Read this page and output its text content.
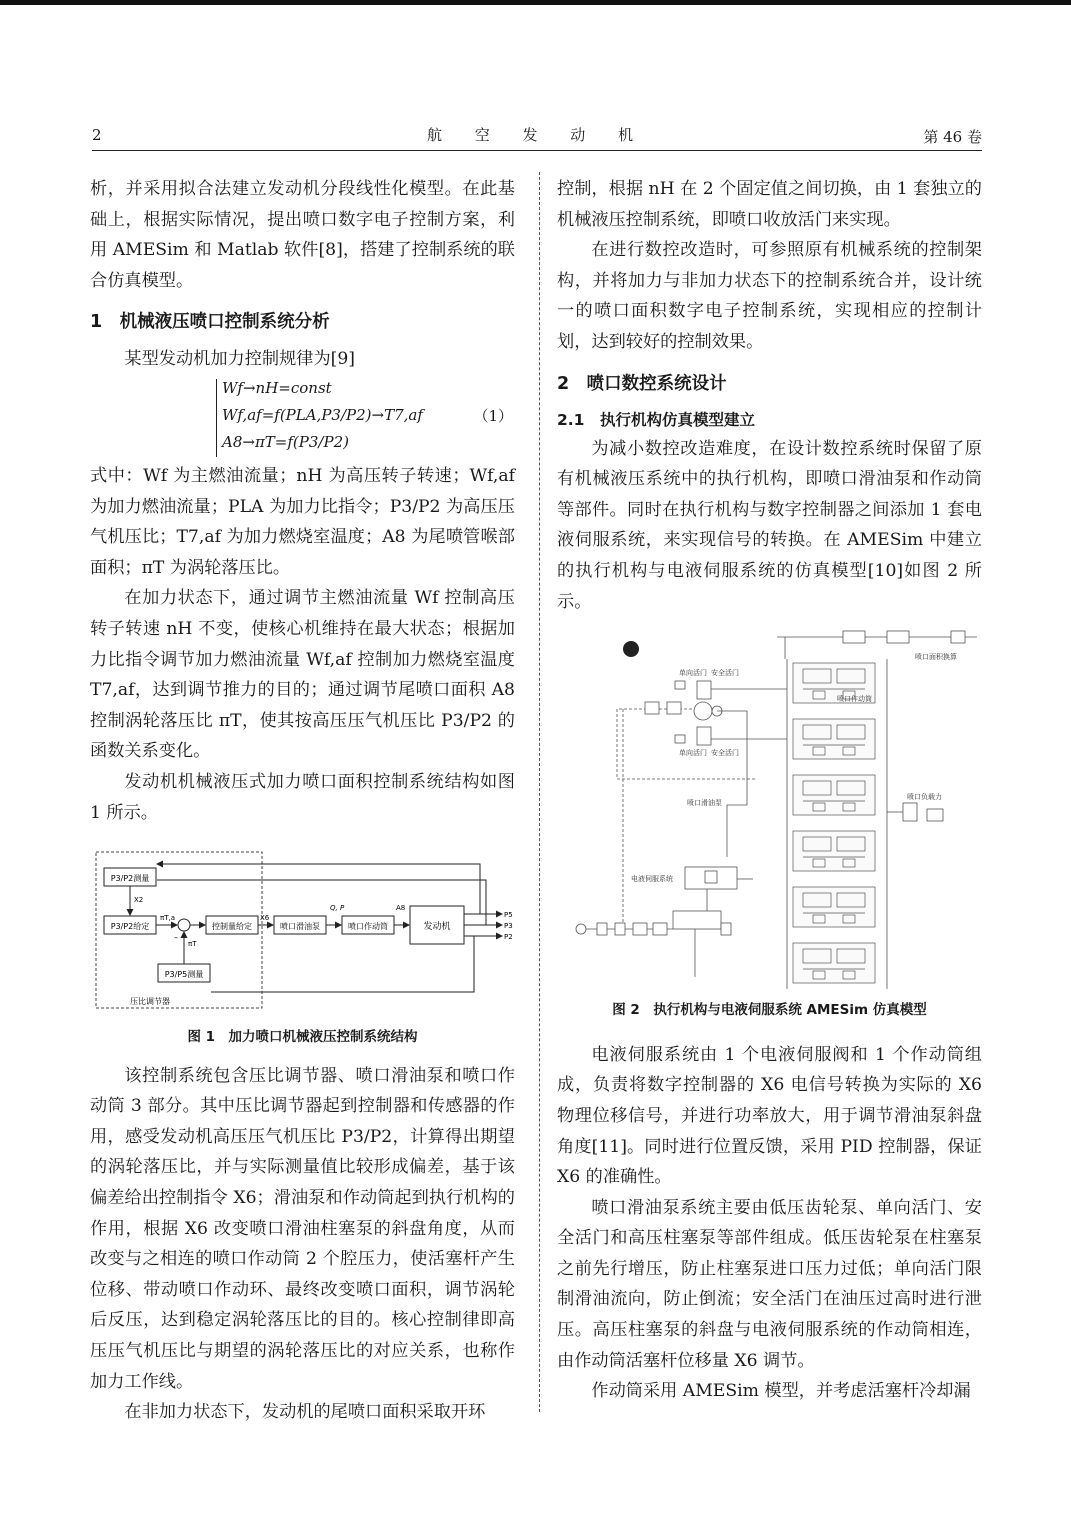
2	航 空 发 动 机	第 46 卷

析，并采用拟合法建立发动机分段线性化模型。在此基础上，根据实际情况，提出喷口数字电子控制方案，利用 AMESim 和 Matlab 软件[8]，搭建了控制系统的联合仿真模型。

1　机械液压喷口控制系统分析

某型发动机加力控制规律为[9]

Wf→nH=const
Wf,af=f(PLA,P3/P2)→T7,af
A8→πT=f(P3/P2)
（1）

式中：Wf 为主燃油流量；nH 为高压转子转速；Wf,af 为加力燃油流量；PLA 为加力比指令；P3/P2 为高压压气机压比；T7,af 为加力燃烧室温度；A8 为尾喷管喉部面积；πT 为涡轮落压比。

在加力状态下，通过调节主燃油流量 Wf 控制高压转子转速 nH 不变，使核心机维持在最大状态；根据加力比指令调节加力燃油流量 Wf,af 控制加力燃烧室温度 T7,af，达到调节推力的目的；通过调节尾喷口面积 A8 控制涡轮落压比 πT，使其按高压压气机压比 P3/P2 的函数关系变化。

发动机机械液压式加力喷口面积控制系统结构如图 1 所示。

P3/P2测量
P3/P2给定	控制量给定	喷口滑油泵	喷口作动筒	发动机
P3/P5测量
压比调节器
X2
πT,a
πT
X6
Q, P	A8
P5
P3
P2
–
图 1　加力喷口机械液压控制系统结构

该控制系统包含压比调节器、喷口滑油泵和喷口作动筒 3 部分。其中压比调节器起到控制器和传感器的作用，感受发动机高压压气机压比 P3/P2，计算得出期望的涡轮落压比，并与实际测量值比较形成偏差，基于该偏差给出控制指令 X6；滑油泵和作动筒起到执行机构的作用，根据 X6 改变喷口滑油柱塞泵的斜盘角度，从而改变与之相连的喷口作动筒 2 个腔压力，使活塞杆产生位移、带动喷口作动环、最终改变喷口面积，调节涡轮后反压，达到稳定涡轮落压比的目的。核心控制律即高压压气机压比与期望的涡轮落压比的对应关系，也称作加力工作线。

在非加力状态下，发动机的尾喷口面积采取开环

控制，根据 nH 在 2 个固定值之间切换，由 1 套独立的机械液压控制系统，即喷口收放活门来实现。

在进行数控改造时，可参照原有机械系统的控制架构，并将加力与非加力状态下的控制系统合并，设计统一的喷口面积数字电子控制系统，实现相应的控制计划，达到较好的控制效果。

2　喷口数控系统设计
2.1　执行机构仿真模型建立

为减小数控改造难度，在设计数控系统时保留了原有机械液压系统中的执行机构，即喷口滑油泵和作动筒等部件。同时在执行机构与数字控制器之间添加 1 套电液伺服系统，来实现信号的转换。在 AMESim 中建立的执行机构与电液伺服系统的仿真模型[10]如图 2 所示。

单向活门 安全活门
喷口作动筒
单向活门 安全活门
喷口滑油泵
电液伺服系统
喷口面积换算
喷口负载力
图 2　执行机构与电液伺服系统 AMESim 仿真模型

电液伺服系统由 1 个电液伺服阀和 1 个作动筒组成，负责将数字控制器的 X6 电信号转换为实际的 X6 物理位移信号，并进行功率放大，用于调节滑油泵斜盘角度[11]。同时进行位置反馈，采用 PID 控制器，保证 X6 的准确性。

喷口滑油泵系统主要由低压齿轮泵、单向活门、安全活门和高压柱塞泵等部件组成。低压齿轮泵在柱塞泵之前先行增压，防止柱塞泵进口压力过低；单向活门限制滑油流向，防止倒流；安全活门在油压过高时进行泄压。高压柱塞泵的斜盘与电液伺服系统的作动筒相连，由作动筒活塞杆位移量 X6 调节。

作动筒采用 AMESim 模型，并考虑活塞杆冷却漏
